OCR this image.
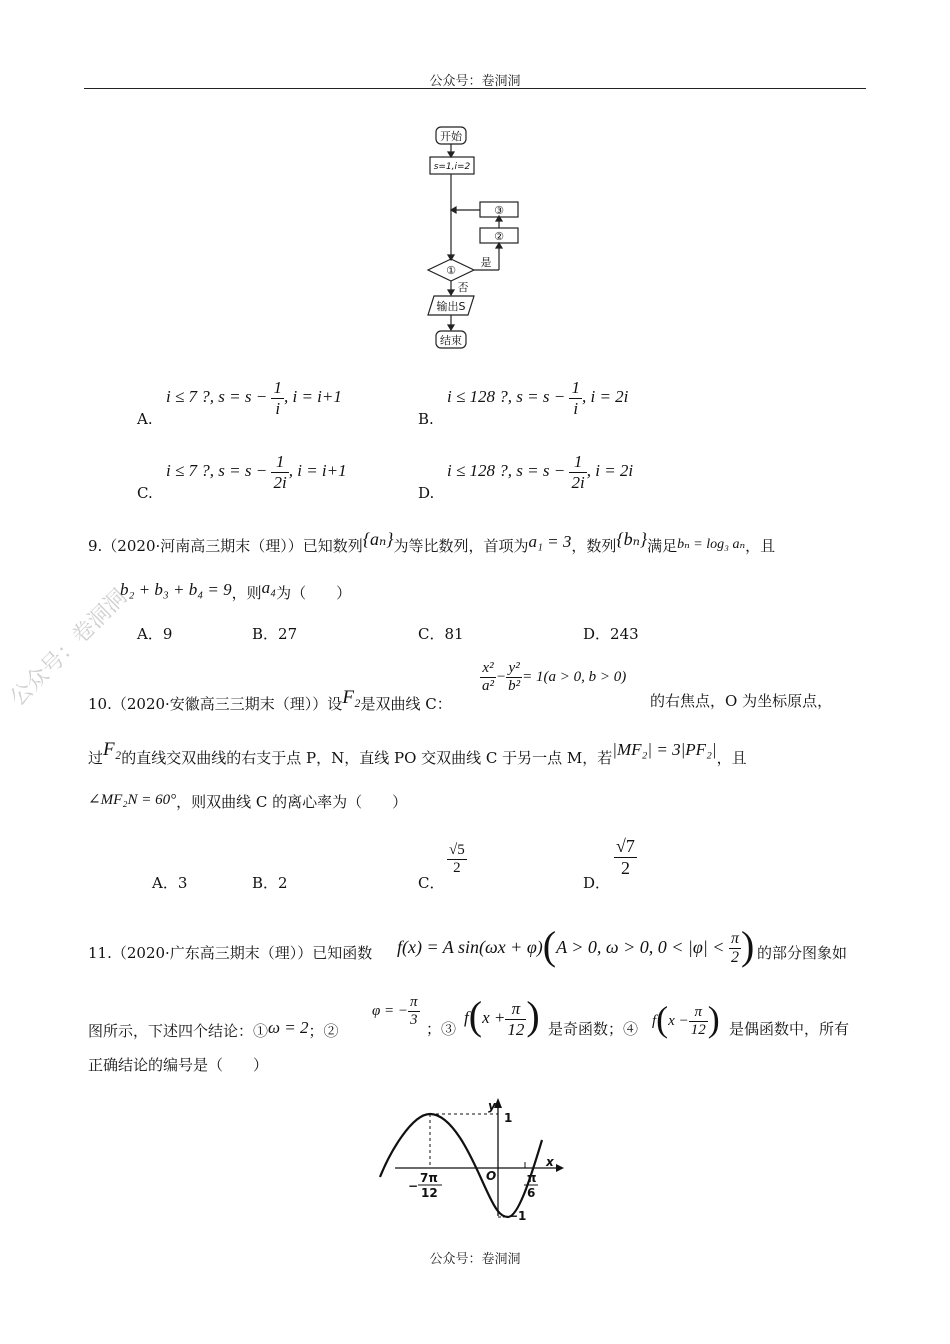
公众号：卷洞洞
公众号：卷洞洞
开始
s=1,i=2
③
②
①
是
否
输出S
结束
A.
i ≤ 7 ?, $s = s - \frac{1}{i}$ , i = i+1
B.
i ≤ 128 ?, $s = s - \frac{1}{i}$ , i = 2i
C.
i ≤ 7 ?, $s = s - \frac{1}{2i}$ , i = i+1
D.
i ≤ 128 ?, $s = s - \frac{1}{2i}$ , i = 2i
9.（2020·河南高三期末（理））已知数列{aₙ}为等比数列，首项为a₁ = 3，数列{bₙ}满足bₙ = log₃ aₙ，且
b₂ + b₃ + b₄ = 9，则a₄为（　　）
A．9	B．27	C．81	D．243
10.（2020·安徽高三三期末（理））设F₂是双曲线 C：
$\frac{\text{x²}}{\text{a²}} - \frac{\text{y²}}{\text{b²}} = 1(a > 0$, b > 0)
的右焦点，O 为坐标原点，
过F₂的直线交双曲线的右支于点 P，N，直线 PO 交双曲线 C 于另一点 M，若|MF₂| = 3|PF₂|，且
∠MF₂N = 60°，则双曲线 C 的离心率为（　　）
A．3	B．2	C．
$\frac{√5}{2}$
D．
$\frac{√7}{2}$
f(x) = A sin(ωx + φ)(A > 0, ω > 0, $0 < |\varphi| < \frac{\pi}{2}$ )
11.（2020·广东高三期末（理））已知函数	的部分图象如
图所示，下述四个结论：①ω = 2；②
φ = − $\frac{\pi}{3}$ ；③
$f(x + \frac{\pi}{12}$ ) 是奇函数；④ $f(x - \frac{\pi}{12}$ ) 是偶函数中，所有
正确结论的编号是（　　）
y
x
O
1
−1
−
7π
12
π
6
公众号：卷洞洞
